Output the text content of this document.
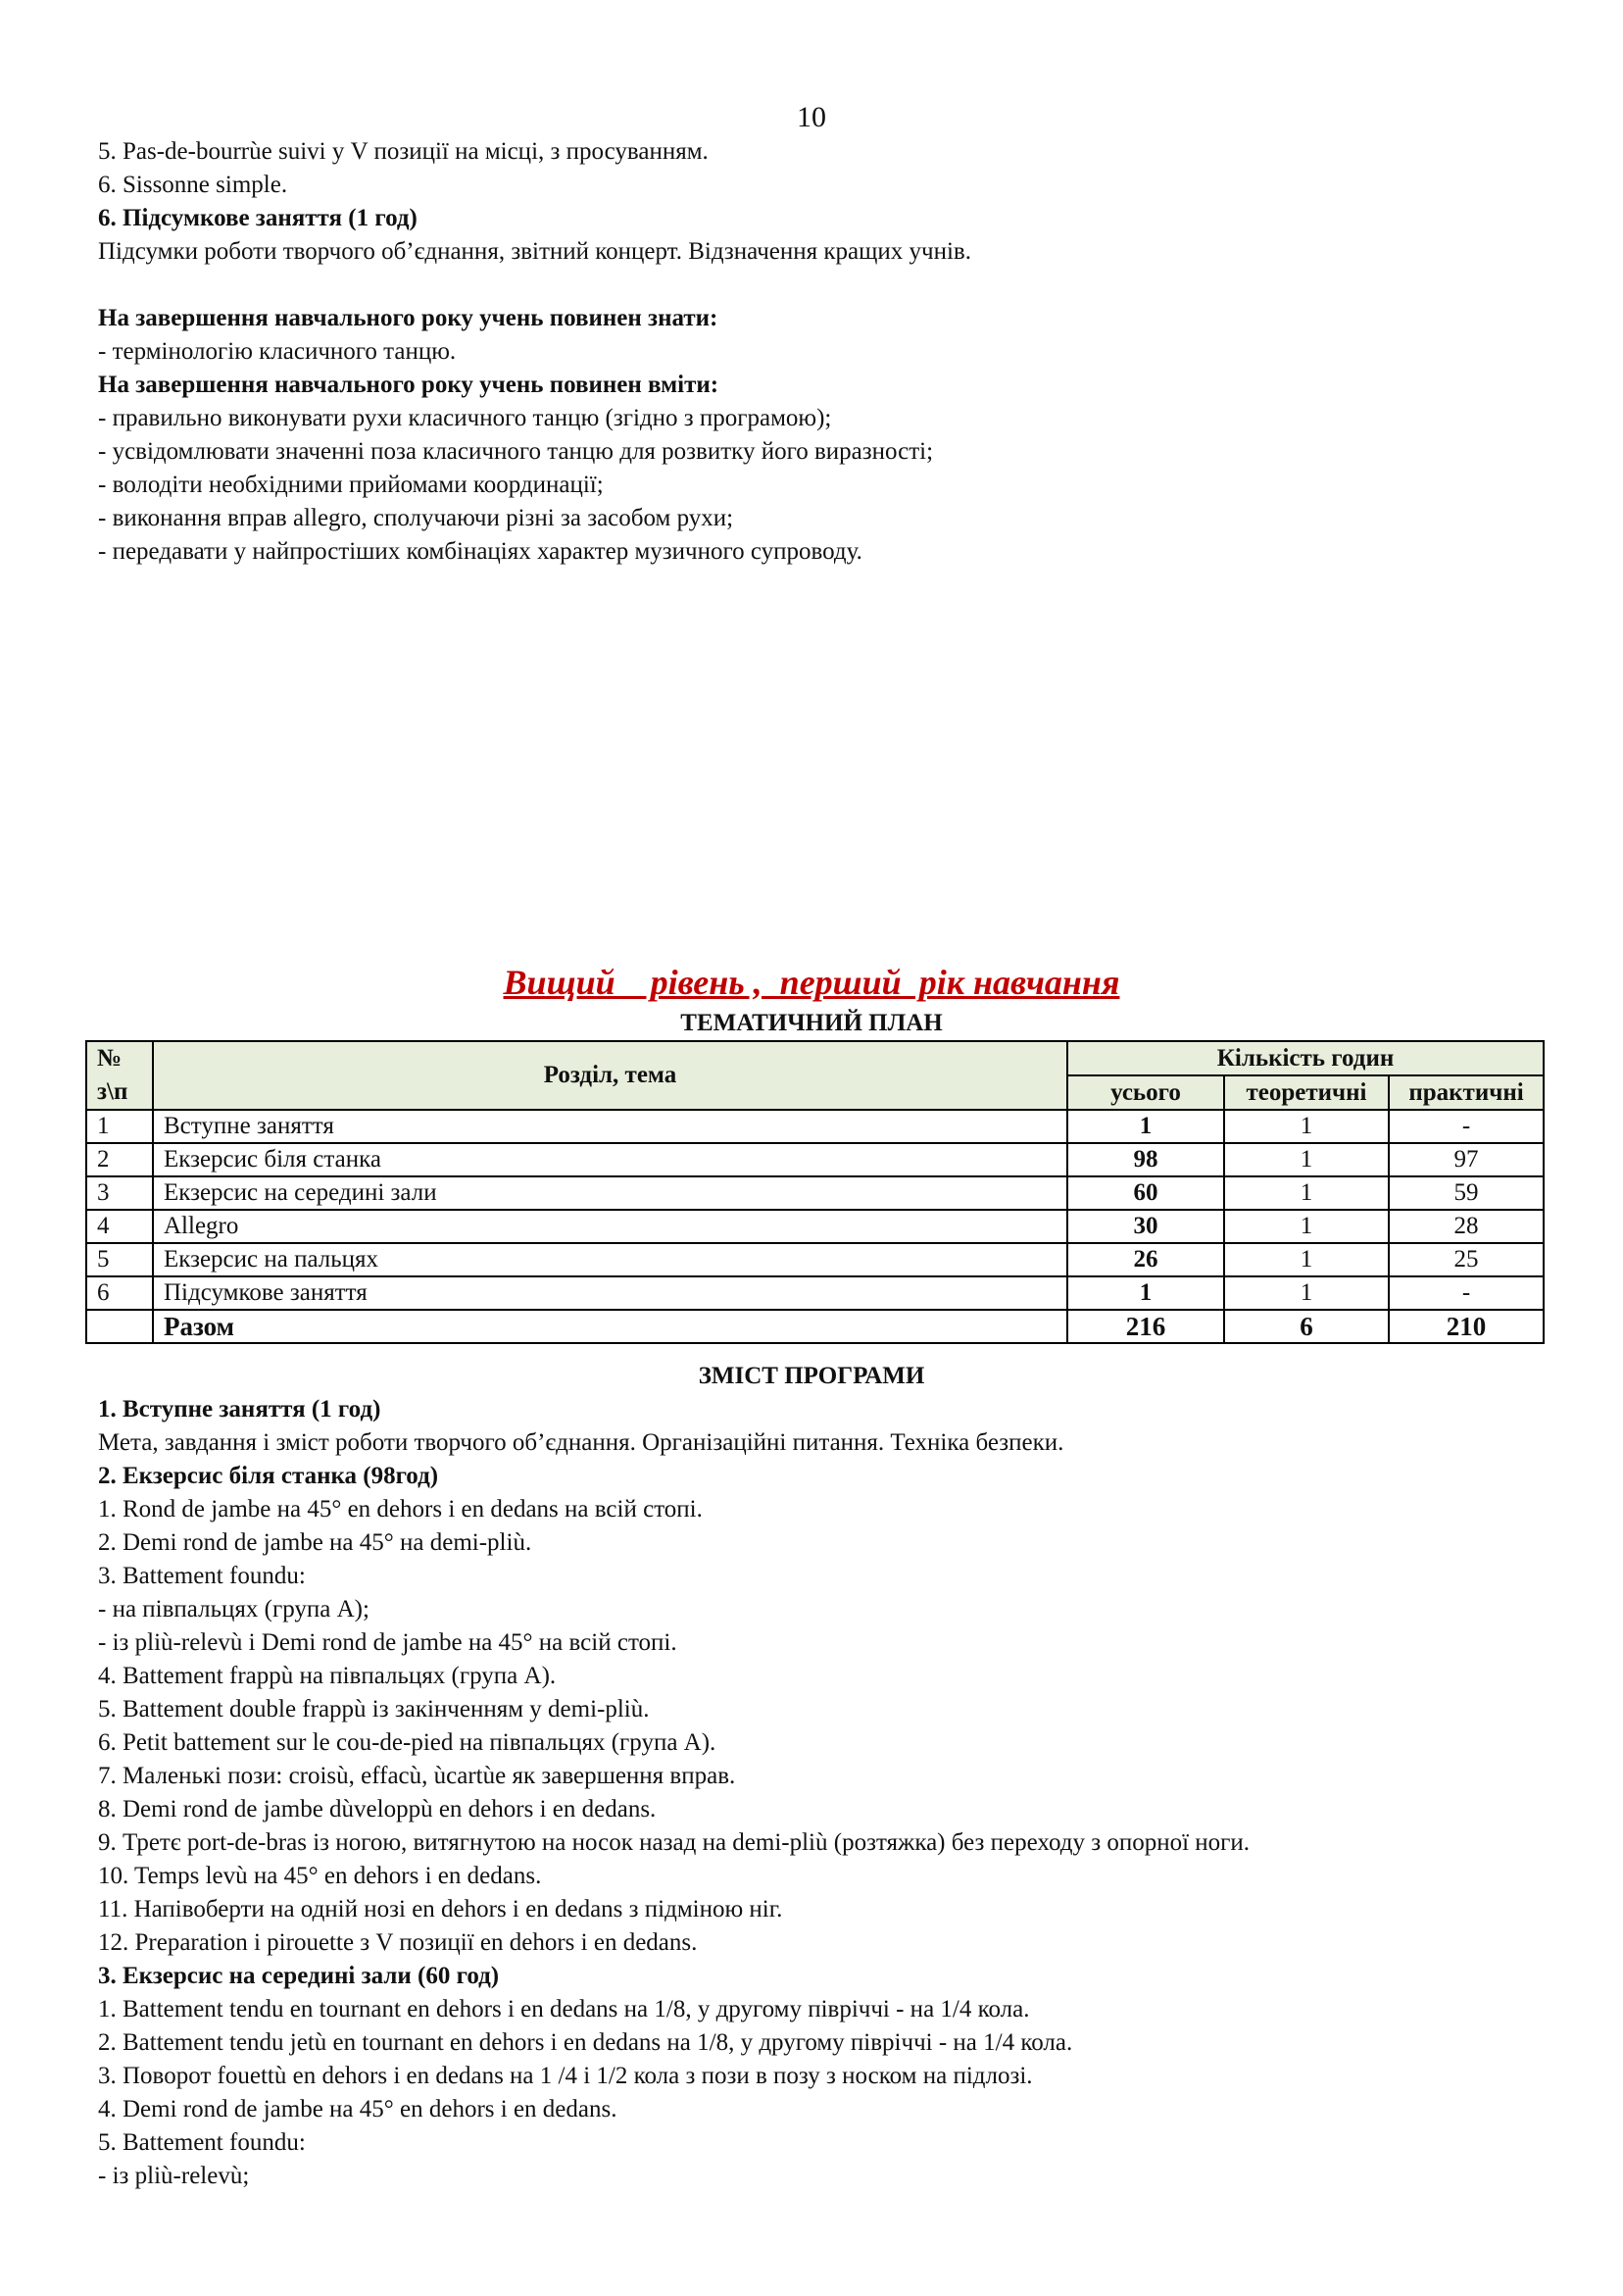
10
5. Pas-de-bourrùe suivi у V позиції на місці, з просуванням.
6. Sissonne simple.
6. Підсумкове заняття (1 год)
Підсумки роботи творчого об’єднання, звітний концерт. Відзначення кращих учнів.
На завершення навчального року учень повинен знати:
- термінологію класичного танцю.
На завершення навчального року учень повинен вміти:
- правильно виконувати рухи класичного танцю (згідно з програмою);
- усвідомлювати значенні поза класичного танцю для розвитку його виразності;
- володіти необхідними прийомами координації;
- виконання вправ allegro, сполучаючи різні за засобом рухи;
- передавати у найпростіших комбінаціях характер музичного супроводу.
Вищий    рівень ,  перший  рік навчання
ТЕМАТИЧНИЙ ПЛАН
№ з\п	Розділ, тема	Кількість годин		
		усього	теоретичні	практичні
1	Вступне заняття	1	1	-
2	Екзерсис біля станка	98	1	97
3	Екзерсис на середині зали	60	1	59
4	Allegro	30	1	28
5	Екзерсис на пальцях	26	1	25
6	Підсумкове заняття	1	1	-
	Разом	216	6	210
ЗМІСТ ПРОГРАМИ
1. Вступне заняття (1 год)
Мета, завдання і зміст роботи творчого об’єднання. Організаційні питання. Техніка безпеки.
2. Екзерсис біля станка (98год)
1. Rond de jambe на 45° en dehors і en dedans на всій стопі.
2. Demi rond de jambe на 45° на demi-pliù.
3. Battement foundu:
- на півпальцях (група А);
- із pliù-relevù і Demi rond de jambe на 45° на всій стопі.
4. Battement frappù на півпальцях (група А).
5. Battement double frappù із закінченням у demi-pliù.
6. Petit battement sur le cou-de-pied на півпальцях (група А).
7. Маленькі пози: croisù, effacù, ùcartùe як завершення вправ.
8. Demi rond de jambe dùveloppù en dehors і en dedans.
9. Третє port-de-bras із ногою, витягнутою на носок назад на demi-pliù (розтяжка) без переходу з опорної ноги.
10. Temps levù на 45° en dehors і en dedans.
11. Напівоберти на одній нозі en dehors і en dedans з підміною ніг.
12. Preparation і pirouette з V позиції en dehors і en dedans.
3. Екзерсис на середині зали (60 год)
1. Battement tendu en tournant en dehors і en dedans на 1/8, у другому півріччі - на 1/4 кола.
2. Battement tendu jetù en tournant en dehors і en dedans на 1/8, у другому півріччі - на 1/4 кола.
3. Поворот fouettù en dehors і en dedans на 1 /4 і 1/2 кола з пози в позу з носком на підлозі.
4. Demi rond de jambe на 45° en dehors і en dedans.
5. Battement foundu:
- із pliù-relevù;
